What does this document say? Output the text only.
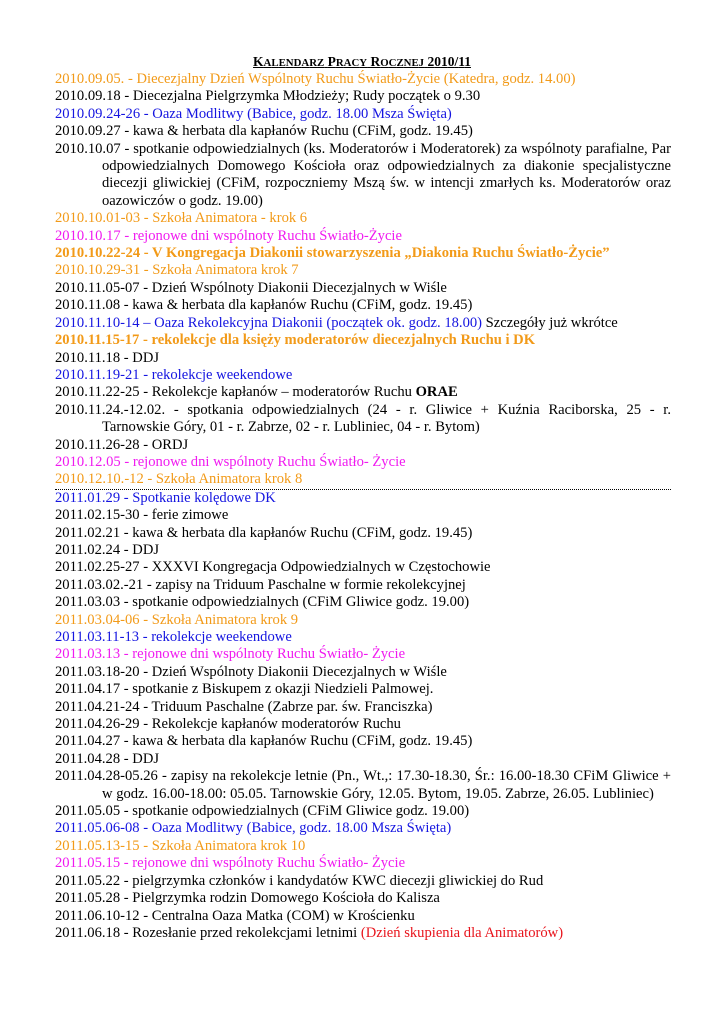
KALENDARZ PRACY ROCZNEJ 2010/11
2010.09.05. - Diecezjalny Dzień Wspólnoty Ruchu Światło-Życie (Katedra, godz. 14.00)
2010.09.18 - Diecezjalna Pielgrzymka Młodzieży; Rudy początek o 9.30
2010.09.24-26 - Oaza Modlitwy (Babice, godz. 18.00 Msza Święta)
2010.09.27 - kawa & herbata dla kapłanów Ruchu (CFiM, godz. 19.45)
2010.10.07 - spotkanie odpowiedzialnych (ks. Moderatorów i Moderatorek) za wspólnoty parafialne, Par odpowiedzialnych Domowego Kościoła oraz odpowiedzialnych za diakonie specjalistyczne diecezji gliwickiej (CFiM, rozpoczniemy Mszą św. w intencji zmarłych ks. Moderatorów oraz oazowiczów o godz. 19.00)
2010.10.01-03 - Szkoła Animatora - krok 6
2010.10.17 - rejonowe dni wspólnoty Ruchu Światło-Życie
2010.10.22-24 - V Kongregacja Diakonii stowarzyszenia „Diakonia Ruchu Światło-Życie”
2010.10.29-31 - Szkoła Animatora krok 7
2010.11.05-07 - Dzień Wspólnoty Diakonii Diecezjalnych w Wiśle
2010.11.08 - kawa & herbata dla kapłanów Ruchu (CFiM, godz. 19.45)
2010.11.10-14 – Oaza Rekolekcyjna Diakonii (początek ok. godz. 18.00) Szczegóły już wkrótce
2010.11.15-17 - rekolekcje dla księży moderatorów diecezjalnych Ruchu i DK
2010.11.18 - DDJ
2010.11.19-21 - rekolekcje weekendowe
2010.11.22-25 - Rekolekcje kapłanów – moderatorów Ruchu ORAE
2010.11.24.-12.02. - spotkania odpowiedzialnych (24 - r. Gliwice + Kuźnia Raciborska, 25 - r. Tarnowskie Góry, 01 - r. Zabrze, 02 - r. Lubliniec, 04 - r. Bytom)
2010.11.26-28 - ORDJ
2010.12.05 - rejonowe dni wspólnoty Ruchu Światło- Życie
2010.12.10.-12 - Szkoła Animatora krok 8
2011.01.29 - Spotkanie kolędowe DK
2011.02.15-30 - ferie zimowe
2011.02.21 - kawa & herbata dla kapłanów Ruchu (CFiM, godz. 19.45)
2011.02.24 - DDJ
2011.02.25-27 - XXXVI Kongregacja Odpowiedzialnych w Częstochowie
2011.03.02.-21 - zapisy na Triduum Paschalne w formie rekolekcyjnej
2011.03.03 - spotkanie odpowiedzialnych (CFiM Gliwice godz. 19.00)
2011.03.04-06 - Szkoła Animatora krok 9
2011.03.11-13 - rekolekcje weekendowe
2011.03.13 - rejonowe dni wspólnoty Ruchu Światło- Życie
2011.03.18-20 - Dzień Wspólnoty Diakonii Diecezjalnych w Wiśle
2011.04.17 - spotkanie z Biskupem z okazji Niedzieli Palmowej.
2011.04.21-24 - Triduum Paschalne (Zabrze par. św. Franciszka)
2011.04.26-29 - Rekolekcje kapłanów moderatorów Ruchu
2011.04.27 - kawa & herbata dla kapłanów Ruchu (CFiM, godz. 19.45)
2011.04.28 - DDJ
2011.04.28-05.26 - zapisy na rekolekcje letnie (Pn., Wt.,: 17.30-18.30, Śr.: 16.00-18.30 CFiM Gliwice + w godz. 16.00-18.00: 05.05. Tarnowskie Góry, 12.05. Bytom, 19.05. Zabrze, 26.05. Lubliniec)
2011.05.05 - spotkanie odpowiedzialnych (CFiM Gliwice godz. 19.00)
2011.05.06-08 - Oaza Modlitwy (Babice, godz. 18.00 Msza Święta)
2011.05.13-15 - Szkoła Animatora krok 10
2011.05.15 - rejonowe dni wspólnoty Ruchu Światło- Życie
2011.05.22 - pielgrzymka członków i kandydatów KWC diecezji gliwickiej do Rud
2011.05.28 - Pielgrzymka rodzin Domowego Kościoła do Kalisza
2011.06.10-12 - Centralna Oaza Matka (COM) w Krościenku
2011.06.18 - Rozesłanie przed rekolekcjami letnimi (Dzień skupienia dla Animatorów)
